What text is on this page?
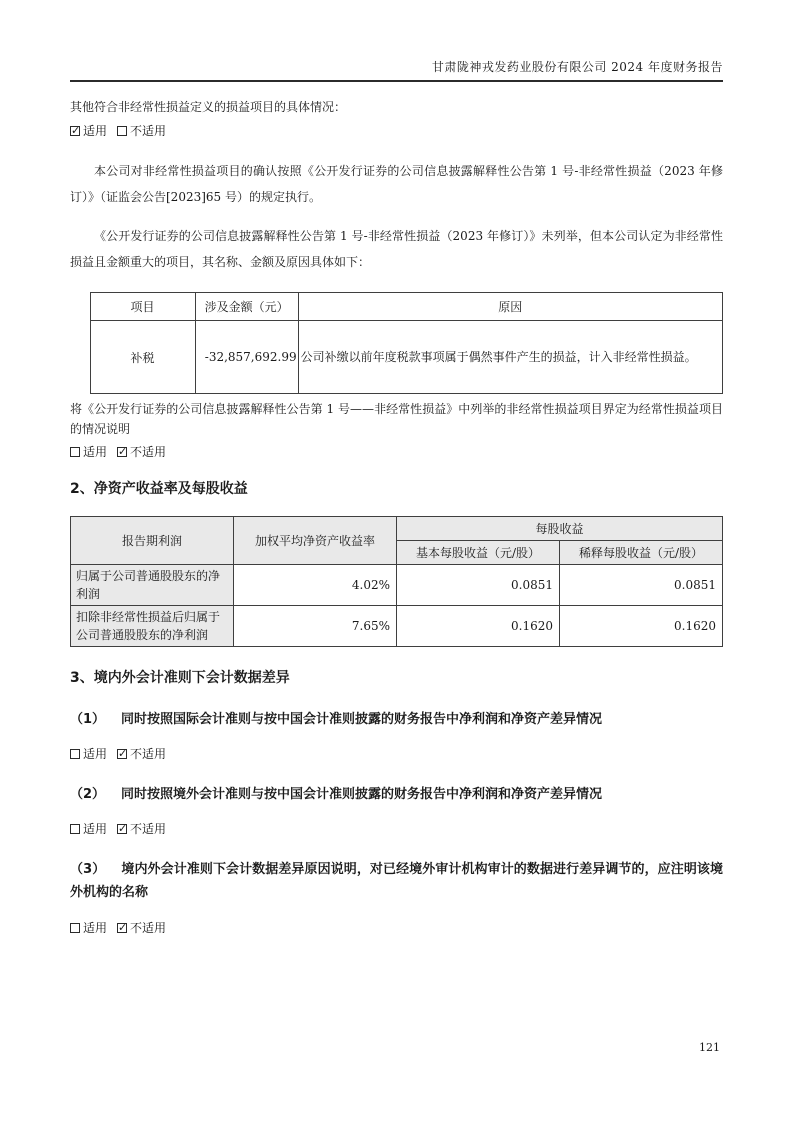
甘肃陇神戎发药业股份有限公司 2024 年度财务报告
其他符合非经常性损益定义的损益项目的具体情况：
✓适用 不适用
本公司对非经常性损益项目的确认按照《公开发行证券的公司信息披露解释性公告第 1 号-非经常性损益（2023 年修订）》（证监会公告[2023]65 号）的规定执行。
《公开发行证券的公司信息披露解释性公告第 1 号-非经常性损益（2023 年修订）》未列举，但本公司认定为非经常性损益且金额重大的项目，其名称、金额及原因具体如下：
项目	涉及金额（元）	原因
补税	-32,857,692.99	公司补缴以前年度税款事项属于偶然事件产生的损益，计入非经常性损益。
将《公开发行证券的公司信息披露解释性公告第 1 号——非经常性损益》中列举的非经常性损益项目界定为经常性损益项目的情况说明
适用 ✓ 不适用
2、净资产收益率及每股收益
报告期利润	加权平均净资产收益率	每股收益	
		基本每股收益（元/股）	稀释每股收益（元/股）
归属于公司普通股股东的净利润	4.02%	0.0851	0.0851
扣除非经常性损益后归属于公司普通股股东的净利润	7.65%	0.1620	0.1620
3、境内外会计准则下会计数据差异
（1） 同时按照国际会计准则与按中国会计准则披露的财务报告中净利润和净资产差异情况
适用 ✓ 不适用
（2） 同时按照境外会计准则与按中国会计准则披露的财务报告中净利润和净资产差异情况
适用 ✓ 不适用
（3） 境内外会计准则下会计数据差异原因说明，对已经境外审计机构审计的数据进行差异调节的，应注明该境外机构的名称
适用 ✓ 不适用
121
